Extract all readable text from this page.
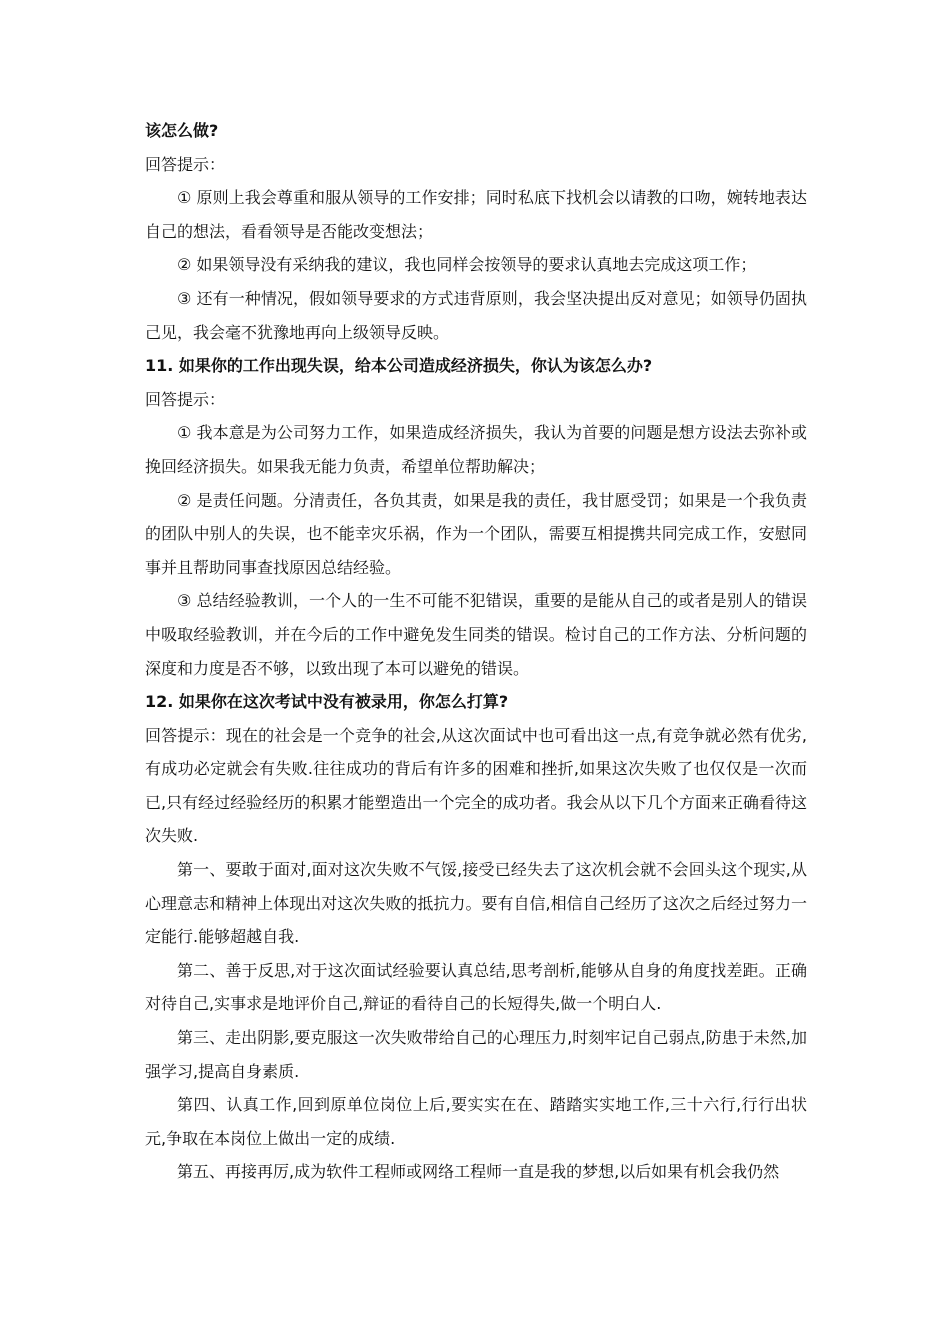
该怎么做?

回答提示：

① 原则上我会尊重和服从领导的工作安排；同时私底下找机会以请教的口吻，婉转地表达自己的想法，看看领导是否能改变想法；

② 如果领导没有采纳我的建议，我也同样会按领导的要求认真地去完成这项工作；

③ 还有一种情况，假如领导要求的方式违背原则，我会坚决提出反对意见；如领导仍固执己见，我会毫不犹豫地再向上级领导反映。

11. 如果你的工作出现失误，给本公司造成经济损失，你认为该怎么办?

回答提示：

① 我本意是为公司努力工作，如果造成经济损失，我认为首要的问题是想方设法去弥补或挽回经济损失。如果我无能力负责，希望单位帮助解决；

② 是责任问题。分清责任，各负其责，如果是我的责任，我甘愿受罚；如果是一个我负责的团队中别人的失误，也不能幸灾乐祸，作为一个团队，需要互相提携共同完成工作，安慰同事并且帮助同事查找原因总结经验。

③ 总结经验教训，一个人的一生不可能不犯错误，重要的是能从自己的或者是别人的错误中吸取经验教训，并在今后的工作中避免发生同类的错误。检讨自己的工作方法、分析问题的深度和力度是否不够，以致出现了本可以避免的错误。

12. 如果你在这次考试中没有被录用，你怎么打算?

回答提示：现在的社会是一个竞争的社会,从这次面试中也可看出这一点,有竞争就必然有优劣,有成功必定就会有失败.往往成功的背后有许多的困难和挫折,如果这次失败了也仅仅是一次而已,只有经过经验经历的积累才能塑造出一个完全的成功者。我会从以下几个方面来正确看待这次失败.

第一、要敢于面对,面对这次失败不气馁,接受已经失去了这次机会就不会回头这个现实,从心理意志和精神上体现出对这次失败的抵抗力。要有自信,相信自己经历了这次之后经过努力一定能行.能够超越自我.

第二、善于反思,对于这次面试经验要认真总结,思考剖析,能够从自身的角度找差距。正确对待自己,实事求是地评价自己,辩证的看待自己的长短得失,做一个明白人.

第三、走出阴影,要克服这一次失败带给自己的心理压力,时刻牢记自己弱点,防患于未然,加强学习,提高自身素质.

第四、认真工作,回到原单位岗位上后,要实实在在、踏踏实实地工作,三十六行,行行出状元,争取在本岗位上做出一定的成绩.

第五、再接再厉,成为软件工程师或网络工程师一直是我的梦想,以后如果有机会我仍然
